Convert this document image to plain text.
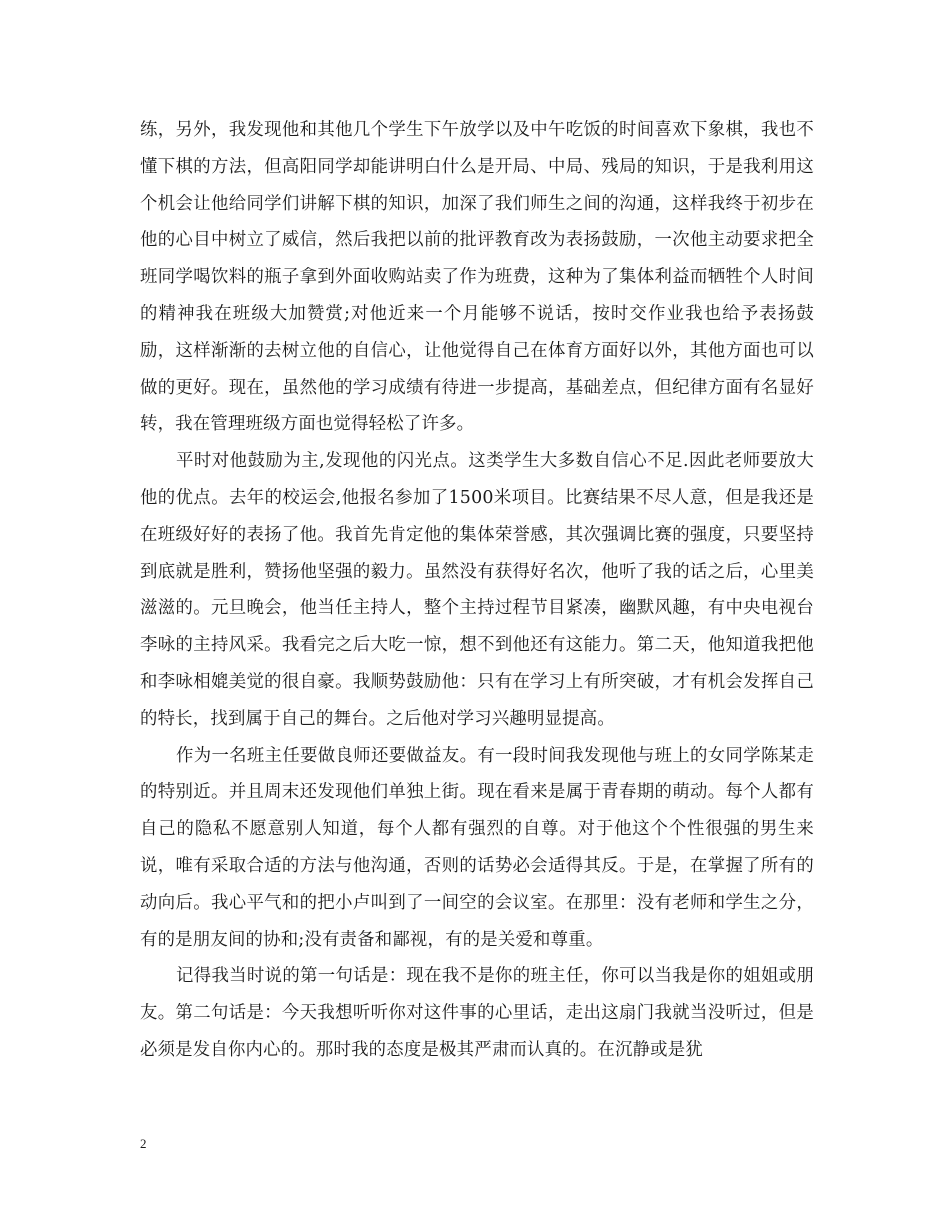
练，另外，我发现他和其他几个学生下午放学以及中午吃饭的时间喜欢下象棋，我也不懂下棋的方法，但高阳同学却能讲明白什么是开局、中局、残局的知识，于是我利用这个机会让他给同学们讲解下棋的知识，加深了我们师生之间的沟通，这样我终于初步在他的心目中树立了威信，然后我把以前的批评教育改为表扬鼓励，一次他主动要求把全班同学喝饮料的瓶子拿到外面收购站卖了作为班费，这种为了集体利益而牺牲个人时间的精神我在班级大加赞赏;对他近来一个月能够不说话，按时交作业我也给予表扬鼓励，这样渐渐的去树立他的自信心，让他觉得自己在体育方面好以外，其他方面也可以做的更好。现在，虽然他的学习成绩有待进一步提高，基础差点，但纪律方面有名显好转，我在管理班级方面也觉得轻松了许多。

平时对他鼓励为主,发现他的闪光点。这类学生大多数自信心不足.因此老师要放大他的优点。去年的校运会,他报名参加了1500米项目。比赛结果不尽人意，但是我还是在班级好好的表扬了他。我首先肯定他的集体荣誉感，其次强调比赛的强度，只要坚持到底就是胜利，赞扬他坚强的毅力。虽然没有获得好名次，他听了我的话之后，心里美滋滋的。元旦晚会，他当任主持人，整个主持过程节目紧凑，幽默风趣，有中央电视台李咏的主持风采。我看完之后大吃一惊，想不到他还有这能力。第二天，他知道我把他和李咏相媲美觉的很自豪。我顺势鼓励他：只有在学习上有所突破，才有机会发挥自己的特长，找到属于自己的舞台。之后他对学习兴趣明显提高。

作为一名班主任要做良师还要做益友。有一段时间我发现他与班上的女同学陈某走的特别近。并且周末还发现他们单独上街。现在看来是属于青春期的萌动。每个人都有自己的隐私不愿意别人知道，每个人都有强烈的自尊。对于他这个个性很强的男生来说，唯有采取合适的方法与他沟通，否则的话势必会适得其反。于是，在掌握了所有的动向后。我心平气和的把小卢叫到了一间空的会议室。在那里：没有老师和学生之分，有的是朋友间的协和;没有责备和鄙视，有的是关爱和尊重。

记得我当时说的第一句话是：现在我不是你的班主任，你可以当我是你的姐姐或朋友。第二句话是：今天我想听听你对这件事的心里话，走出这扇门我就当没听过，但是必须是发自你内心的。那时我的态度是极其严肃而认真的。在沉静或是犹

2
